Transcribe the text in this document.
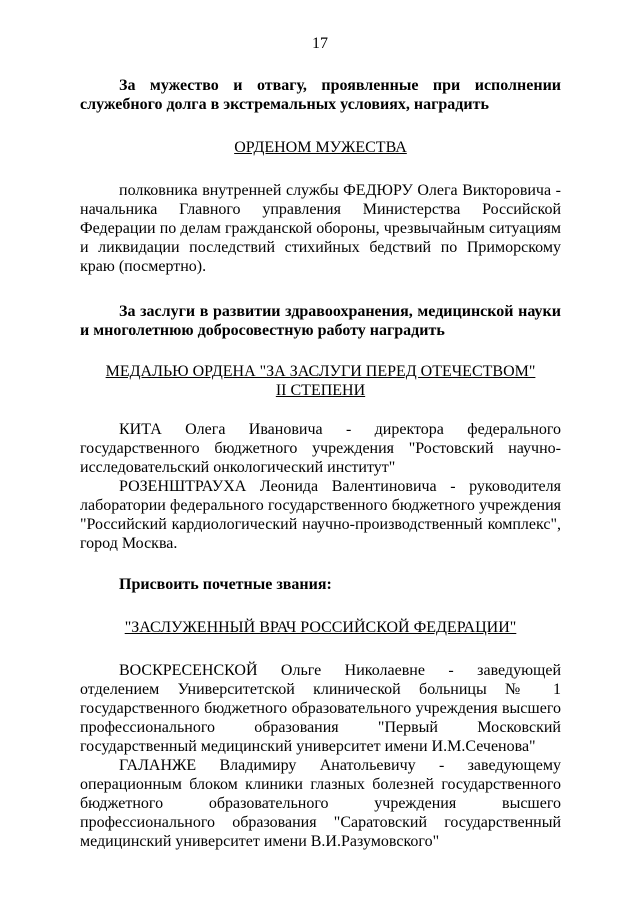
17

За мужество и отвагу, проявленные при исполнении служебного долга в экстремальных условиях, наградить

ОРДЕНОМ МУЖЕСТВА

полковника внутренней службы ФЕДЮРУ Олега Викторовича - начальника Главного управления Министерства Российской Федерации по делам гражданской обороны, чрезвычайным ситуациям и ликвидации последствий стихийных бедствий по Приморскому краю (посмертно).

За заслуги в развитии здравоохранения, медицинской науки и многолетнюю добросовестную работу наградить

МЕДАЛЬЮ ОРДЕНА "ЗА ЗАСЛУГИ ПЕРЕД ОТЕЧЕСТВОМ"

II СТЕПЕНИ

КИТА Олега Ивановича - директора федерального государственного бюджетного учреждения "Ростовский научно-исследовательский онкологический институт"

РОЗЕНШТРАУХА Леонида Валентиновича - руководителя лаборатории федерального государственного бюджетного учреждения "Российский кардиологический научно-производственный комплекс", город Москва.

Присвоить почетные звания:

"ЗАСЛУЖЕННЫЙ ВРАЧ РОССИЙСКОЙ ФЕДЕРАЦИИ"

ВОСКРЕСЕНСКОЙ Ольге Николаевне - заведующей отделением Университетской клинической больницы № 1 государственного бюджетного образовательного учреждения высшего профессионального образования "Первый Московский государственный медицинский университет имени И.М.Сеченова"

ГАЛАНЖЕ Владимиру Анатольевичу - заведующему операционным блоком клиники глазных болезней государственного бюджетного образовательного учреждения высшего профессионального образования "Саратовский государственный медицинский университет имени В.И.Разумовского"
